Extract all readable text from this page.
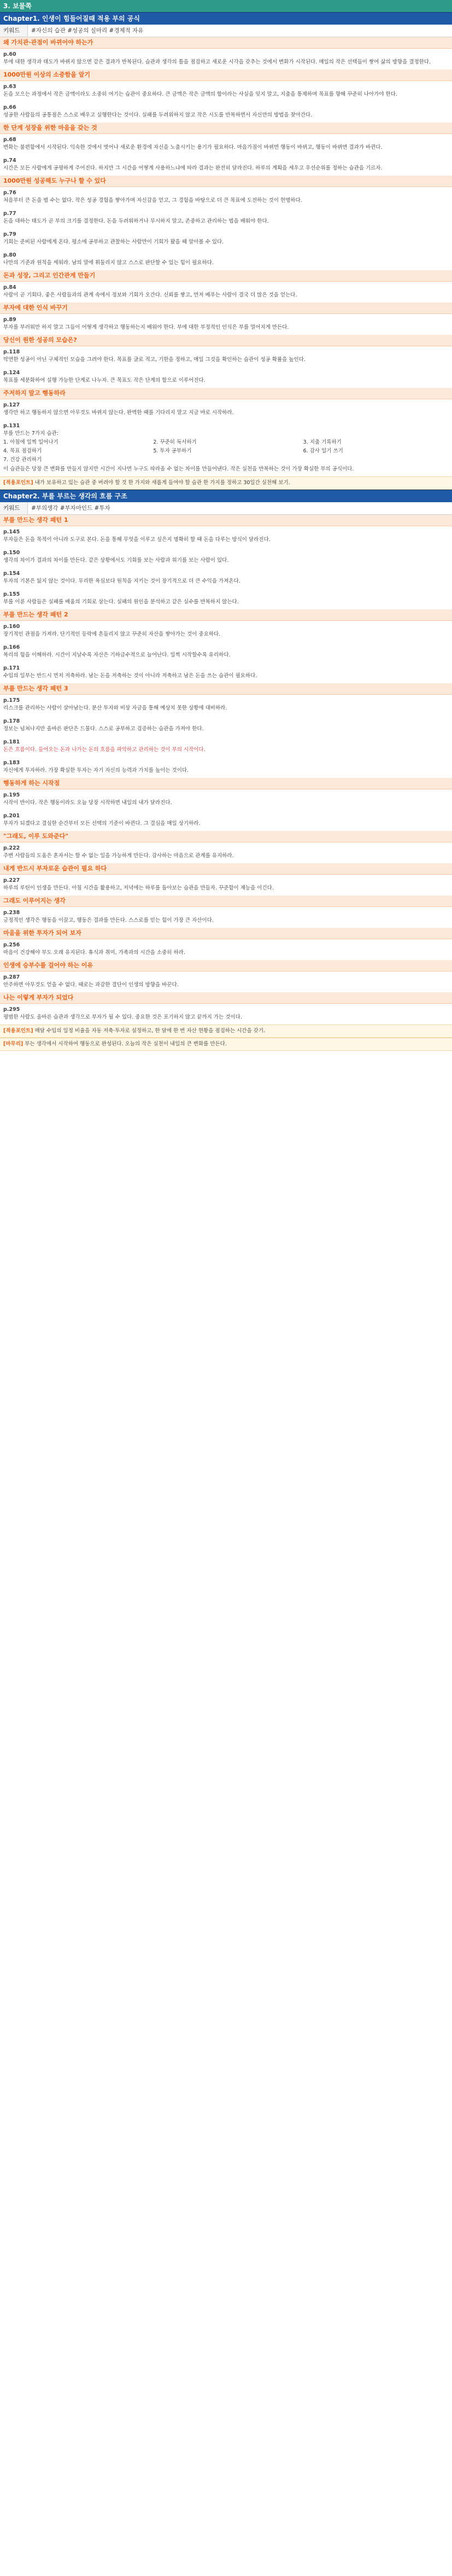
3. 보물쪽
Chapter1. 인생이 힘들어질때 적용 부의 공식
키워드	#자신의 습관 #성공의 실마리 #경제적 자유
왜 가치관·관점이 바뀌어야 하는가
p.60
부에 대한 생각과 태도가 바뀌지 않으면 같은 결과가 반복된다. 습관과 생각의 틀을 점검하고 새로운 시각을 갖추는 것에서 변화가 시작된다. 매일의 작은 선택들이 쌓여 삶의 방향을 결정한다.
1000만원 이상의 소중함을 알기
p.63
돈을 모으는 과정에서 작은 금액이라도 소중히 여기는 습관이 중요하다. 큰 금액은 작은 금액의 합이라는 사실을 잊지 말고, 지출을 통제하며 목표를 향해 꾸준히 나아가야 한다.
p.66
성공한 사람들의 공통점은 스스로 배우고 실행한다는 것이다. 실패를 두려워하지 않고 작은 시도를 반복하면서 자신만의 방법을 찾아간다.
한 단계 성장을 위한 마음을 갖는 것
p.68
변화는 불편함에서 시작된다. 익숙한 것에서 벗어나 새로운 환경에 자신을 노출시키는 용기가 필요하다. 마음가짐이 바뀌면 행동이 바뀌고, 행동이 바뀌면 결과가 바뀐다.
p.74
시간은 모든 사람에게 공평하게 주어진다. 하지만 그 시간을 어떻게 사용하느냐에 따라 결과는 완전히 달라진다. 하루의 계획을 세우고 우선순위를 정하는 습관을 기르자.
1000만원 성공해도 누구나 할 수 있다
p.76
처음부터 큰 돈을 벌 수는 없다. 작은 성공 경험을 쌓아가며 자신감을 얻고, 그 경험을 바탕으로 더 큰 목표에 도전하는 것이 현명하다.
p.77
돈을 대하는 태도가 곧 부의 크기를 결정한다. 돈을 두려워하거나 무시하지 말고, 존중하고 관리하는 법을 배워야 한다.
p.79
기회는 준비된 사람에게 온다. 평소에 공부하고 관찰하는 사람만이 기회가 왔을 때 알아볼 수 있다.
p.80
나만의 기준과 원칙을 세워라. 남의 말에 휘둘리지 않고 스스로 판단할 수 있는 힘이 필요하다.
돈과 성장, 그리고 인간관계 만들기
p.84
사람이 곧 기회다. 좋은 사람들과의 관계 속에서 정보와 기회가 오간다. 신뢰를 쌓고, 먼저 베푸는 사람이 결국 더 많은 것을 얻는다.
부자에 대한 인식 바꾸기
p.89
부자를 부러워만 하지 말고 그들이 어떻게 생각하고 행동하는지 배워야 한다. 부에 대한 부정적인 인식은 부를 멀어지게 만든다.
당신이 원한 성공의 모습은?
p.118
막연한 성공이 아닌 구체적인 모습을 그려야 한다. 목표를 글로 적고, 기한을 정하고, 매일 그것을 확인하는 습관이 성공 확률을 높인다.
p.124
목표를 세분화하여 실행 가능한 단계로 나누자. 큰 목표도 작은 단계의 합으로 이루어진다.
주저하지 말고 행동하라
p.127
생각만 하고 행동하지 않으면 아무것도 바뀌지 않는다. 완벽한 때를 기다리지 말고 지금 바로 시작하라.
p.131
부를 만드는 7가지 습관:
1. 아침에 일찍 일어나기	2. 꾸준히 독서하기	3. 지출 기록하기
4. 목표 점검하기	5. 투자 공부하기	6. 감사 일기 쓰기
7. 건강 관리하기
이 습관들은 당장 큰 변화를 만들지 않지만 시간이 지나면 누구도 따라올 수 없는 차이를 만들어낸다. 작은 실천을 반복하는 것이 가장 확실한 부의 공식이다.
[적용포인트] 내가 보유하고 있는 습관 중 버려야 할 것 한 가지와 새롭게 들여야 할 습관 한 가지를 정하고 30일간 실천해 보기.
Chapter2. 부를 부르는 생각의 흐름 구조
키워드	#부의생각 #부자마인드 #투자
부를 만드는 생각 패턴 1
p.145
부자들은 돈을 목적이 아니라 도구로 본다. 돈을 통해 무엇을 이루고 싶은지 명확히 할 때 돈을 다루는 방식이 달라진다.
p.150
생각의 차이가 결과의 차이를 만든다. 같은 상황에서도 기회를 보는 사람과 위기를 보는 사람이 있다.
p.154
투자의 기본은 잃지 않는 것이다. 무리한 욕심보다 원칙을 지키는 것이 장기적으로 더 큰 수익을 가져온다.
p.155
부를 이룬 사람들은 실패를 배움의 기회로 삼는다. 실패의 원인을 분석하고 같은 실수를 반복하지 않는다.
부를 만드는 생각 패턴 2
p.160
장기적인 관점을 가져라. 단기적인 등락에 흔들리지 않고 꾸준히 자산을 쌓아가는 것이 중요하다.
p.166
복리의 힘을 이해하라. 시간이 지날수록 자산은 기하급수적으로 늘어난다. 일찍 시작할수록 유리하다.
p.171
수입의 일부는 반드시 먼저 저축하라. 남는 돈을 저축하는 것이 아니라 저축하고 남은 돈을 쓰는 습관이 필요하다.
부를 만드는 생각 패턴 3
p.175
리스크를 관리하는 사람이 살아남는다. 분산 투자와 비상 자금을 통해 예상치 못한 상황에 대비하라.
p.178
정보는 넘쳐나지만 올바른 판단은 드물다. 스스로 공부하고 검증하는 습관을 가져야 한다.
p.181
돈은 흐름이다. 들어오는 돈과 나가는 돈의 흐름을 파악하고 관리하는 것이 부의 시작이다.
p.183
자신에게 투자하라. 가장 확실한 투자는 자기 자신의 능력과 가치를 높이는 것이다.
행동하게 하는 시작점
p.195
시작이 반이다. 작은 행동이라도 오늘 당장 시작하면 내일의 내가 달라진다.
p.201
부자가 되겠다고 결심한 순간부터 모든 선택의 기준이 바뀐다. 그 결심을 매일 상기하라.
"그래도, 이루 도와준다"
p.222
주변 사람들의 도움은 혼자서는 할 수 없는 일을 가능하게 만든다. 감사하는 마음으로 관계를 유지하라.
내게 반드시 부자로운 습관이 필요 하다
p.227
하루의 루틴이 인생을 만든다. 아침 시간을 활용하고, 저녁에는 하루를 돌아보는 습관을 만들자. 꾸준함이 재능을 이긴다.
그래도 이루어지는 생각
p.238
긍정적인 생각은 행동을 이끌고, 행동은 결과를 만든다. 스스로를 믿는 힘이 가장 큰 자산이다.
마음을 위한 투자가 되어 보자
p.256
마음이 건강해야 부도 오래 유지된다. 휴식과 취미, 가족과의 시간을 소중히 하라.
인생에 승부수를 걸어야 하는 이유
p.287
안주하면 아무것도 얻을 수 없다. 때로는 과감한 결단이 인생의 방향을 바꾼다.
나는 이렇게 부자가 되었다
p.295
평범한 사람도 올바른 습관과 생각으로 부자가 될 수 있다. 중요한 것은 포기하지 않고 끝까지 가는 것이다.
[적용포인트] 매달 수입의 일정 비율을 자동 저축·투자로 설정하고, 한 달에 한 번 자산 현황을 점검하는 시간을 갖기.
[마무리] 부는 생각에서 시작하여 행동으로 완성된다. 오늘의 작은 실천이 내일의 큰 변화를 만든다.
